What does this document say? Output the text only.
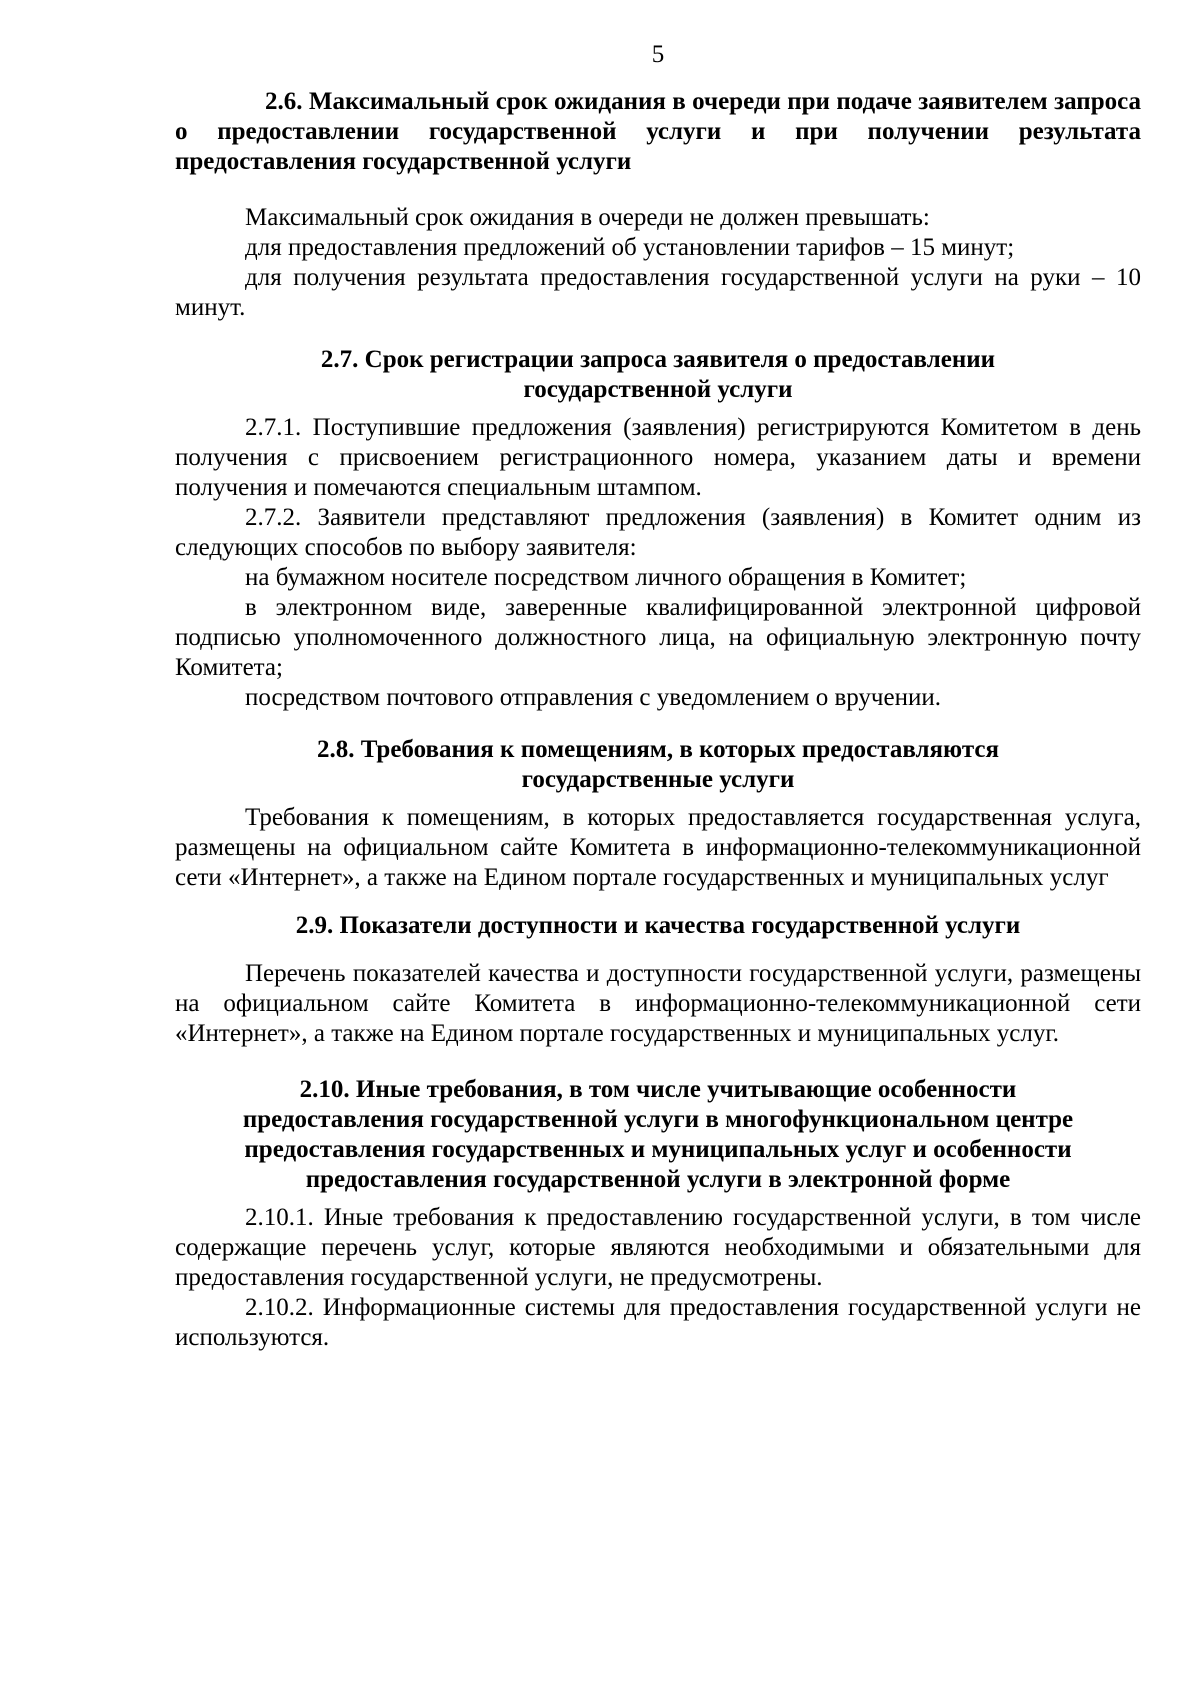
5

2.6. Максимальный срок ожидания в очереди при подаче заявителем запроса о предоставлении государственной услуги и при получении результата предоставления государственной услуги

Максимальный срок ожидания в очереди не должен превышать:

для предоставления предложений об установлении тарифов – 15 минут;

для получения результата предоставления государственной услуги на руки – 10 минут.

2.7. Срок регистрации запроса заявителя о предоставлении

государственной услуги

2.7.1. Поступившие предложения (заявления) регистрируются Комитетом в день получения с присвоением регистрационного номера, указанием даты и времени получения и помечаются специальным штампом.

2.7.2. Заявители представляют предложения (заявления) в Комитет одним из следующих способов по выбору заявителя:

на бумажном носителе посредством личного обращения в Комитет;

в электронном виде, заверенные квалифицированной электронной цифровой подписью уполномоченного должностного лица, на официальную электронную почту Комитета;

посредством почтового отправления с уведомлением о вручении.

2.8. Требования к помещениям, в которых предоставляются

государственные услуги

Требования к помещениям, в которых предоставляется государственная услуга, размещены на официальном сайте Комитета в информационно-телекоммуникационной сети «Интернет», а также на Едином портале государственных и муниципальных услуг

2.9. Показатели доступности и качества государственной услуги

Перечень показателей качества и доступности государственной услуги, размещены на официальном сайте Комитета в информационно-телекоммуникационной сети «Интернет», а также на Едином портале государственных и муниципальных услуг.

2.10. Иные требования, в том числе учитывающие особенности

предоставления государственной услуги в многофункциональном центре

предоставления государственных и муниципальных услуг и особенности

предоставления государственной услуги в электронной форме

2.10.1. Иные требования к предоставлению государственной услуги, в том числе содержащие перечень услуг, которые являются необходимыми и обязательными для предоставления государственной услуги, не предусмотрены.

2.10.2. Информационные системы для предоставления государственной услуги не используются.
